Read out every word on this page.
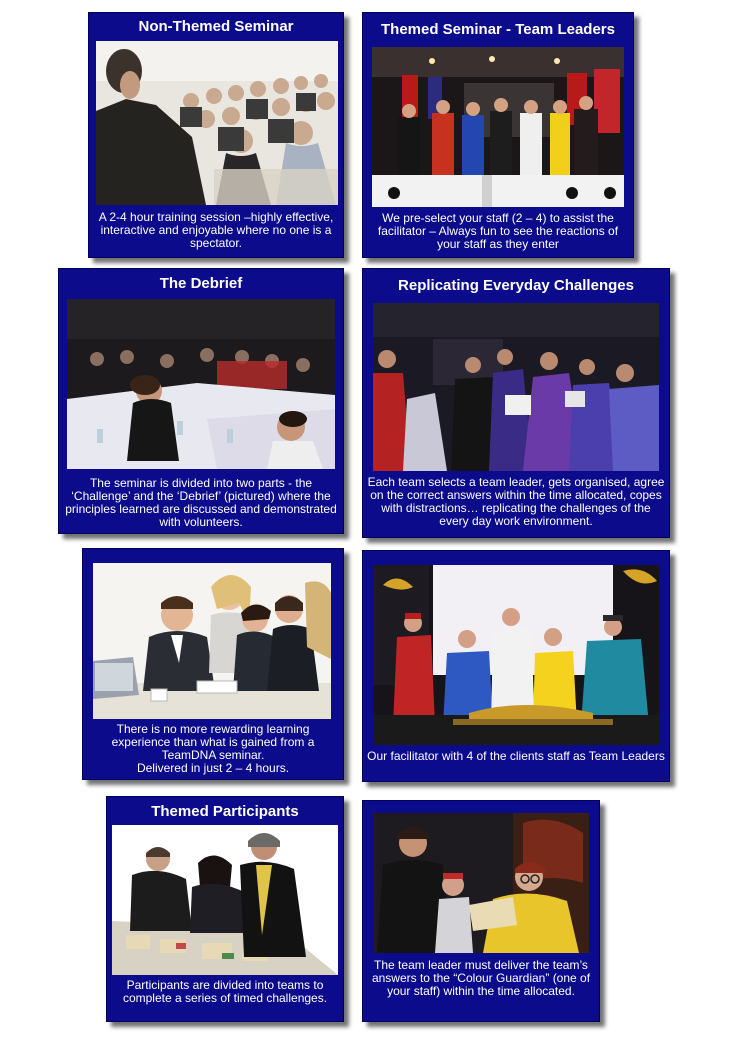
Non-Themed Seminar
A 2-4 hour training session –highly effective, interactive and enjoyable where no one is a spectator.
Themed Seminar - Team Leaders
We pre-select your staff (2 – 4) to assist the facilitator – Always fun to see the reactions of your staff as they enter
The Debrief
The seminar is divided into two parts - the ‘Challenge’ and the ‘Debrief’ (pictured) where the principles learned are discussed and demonstrated with volunteers.
Replicating Everyday Challenges
Each team selects a team leader, gets organised, agree on the correct answers within the time allocated, copes with distractions… replicating the challenges of the every day work environment.
There is no more rewarding learning experience than what is gained from a TeamDNA seminar.
Delivered in just 2 – 4 hours.
Our facilitator with 4 of the clients staff as Team Leaders
Themed Participants
Participants are divided into teams to complete a series of timed challenges.
The team leader must deliver the team’s answers to the “Colour Guardian” (one of your staff) within the time allocated.
